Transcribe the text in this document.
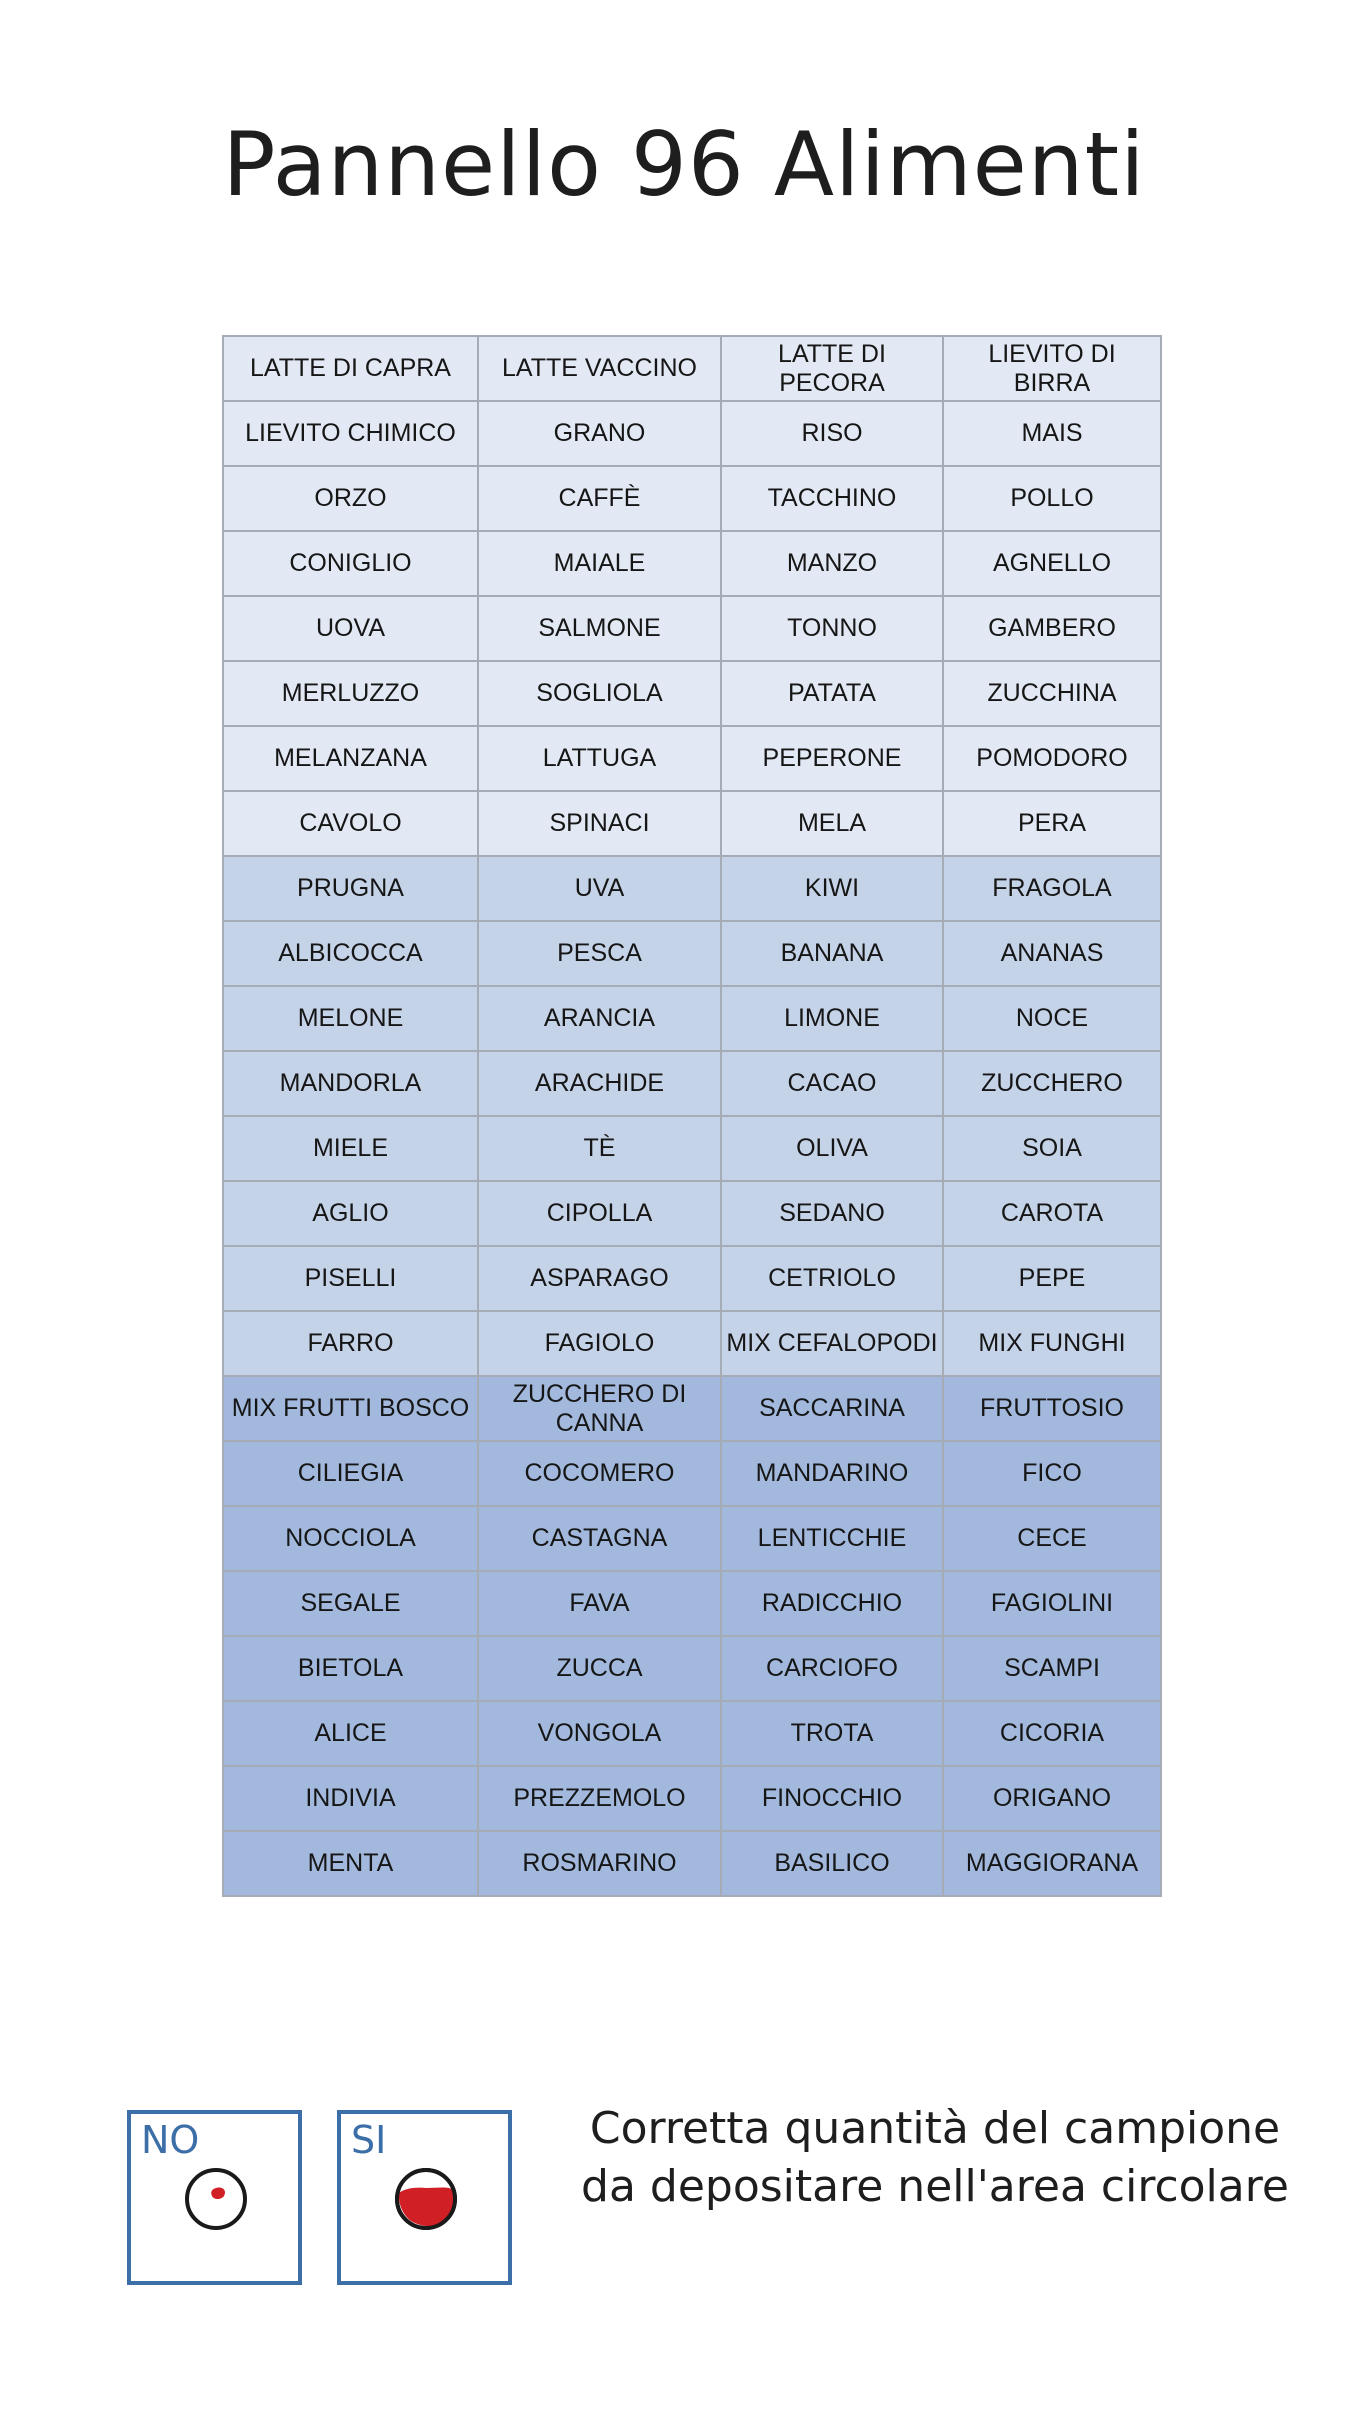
Pannello 96 Alimenti
LATTE DI CAPRA	LATTE VACCINO	LATTE DI PECORA	LIEVITO DI BIRRA
LIEVITO CHIMICO	GRANO	RISO	MAIS
ORZO	CAFFÈ	TACCHINO	POLLO
CONIGLIO	MAIALE	MANZO	AGNELLO
UOVA	SALMONE	TONNO	GAMBERO
MERLUZZO	SOGLIOLA	PATATA	ZUCCHINA
MELANZANA	LATTUGA	PEPERONE	POMODORO
CAVOLO	SPINACI	MELA	PERA
PRUGNA	UVA	KIWI	FRAGOLA
ALBICOCCA	PESCA	BANANA	ANANAS
MELONE	ARANCIA	LIMONE	NOCE
MANDORLA	ARACHIDE	CACAO	ZUCCHERO
MIELE	TÈ	OLIVA	SOIA
AGLIO	CIPOLLA	SEDANO	CAROTA
PISELLI	ASPARAGO	CETRIOLO	PEPE
FARRO	FAGIOLO	MIX CEFALOPODI	MIX FUNGHI
MIX FRUTTI BOSCO	ZUCCHERO DI CANNA	SACCARINA	FRUTTOSIO
CILIEGIA	COCOMERO	MANDARINO	FICO
NOCCIOLA	CASTAGNA	LENTICCHIE	CECE
SEGALE	FAVA	RADICCHIO	FAGIOLINI
BIETOLA	ZUCCA	CARCIOFO	SCAMPI
ALICE	VONGOLA	TROTA	CICORIA
INDIVIA	PREZZEMOLO	FINOCCHIO	ORIGANO
MENTA	ROSMARINO	BASILICO	MAGGIORANA
NO	SI	Corretta quantità del campione
da depositare nell'area circolare
